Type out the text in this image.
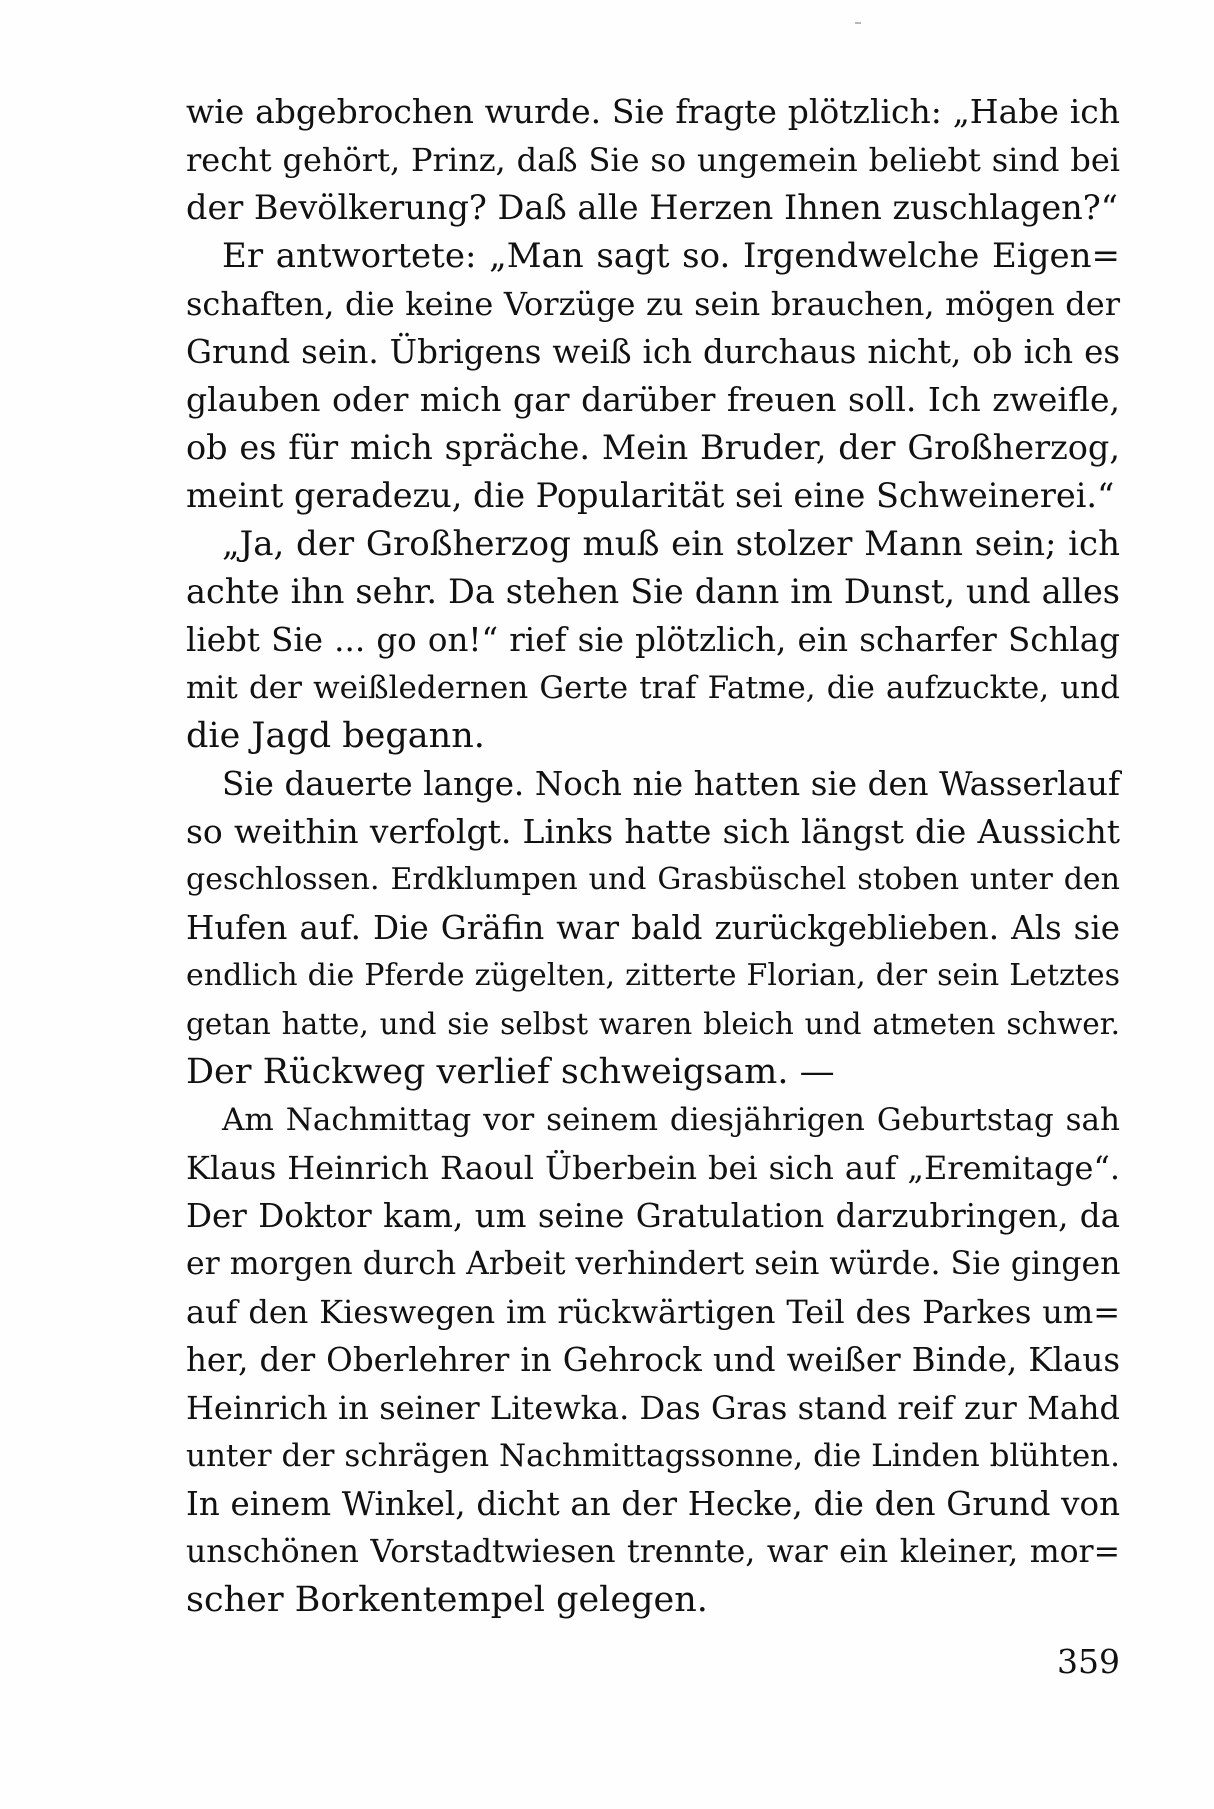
wie abgebrochen wurde. Sie fragte plötzlich: „Habe ich
recht gehört, Prinz, daß Sie so ungemein beliebt sind bei
der Bevölkerung? Daß alle Herzen Ihnen zuschlagen?“
Er antwortete: „Man sagt so. Irgendwelche Eigen=
schaften, die keine Vorzüge zu sein brauchen, mögen der
Grund sein. Übrigens weiß ich durchaus nicht, ob ich es
glauben oder mich gar darüber freuen soll. Ich zweifle,
ob es für mich spräche. Mein Bruder, der Großherzog,
meint geradezu, die Popularität sei eine Schweinerei.“
„Ja, der Großherzog muß ein stolzer Mann sein; ich
achte ihn sehr. Da stehen Sie dann im Dunst, und alles
liebt Sie ... go on!“ rief sie plötzlich, ein scharfer Schlag
mit der weißledernen Gerte traf Fatme, die aufzuckte, und
die Jagd begann.
Sie dauerte lange. Noch nie hatten sie den Wasserlauf
so weithin verfolgt. Links hatte sich längst die Aussicht
geschlossen. Erdklumpen und Grasbüschel stoben unter den
Hufen auf. Die Gräfin war bald zurückgeblieben. Als sie
endlich die Pferde zügelten, zitterte Florian, der sein Letztes
getan hatte, und sie selbst waren bleich und atmeten schwer.
Der Rückweg verlief schweigsam. —
Am Nachmittag vor seinem diesjährigen Geburtstag sah
Klaus Heinrich Raoul Überbein bei sich auf „Eremitage“.
Der Doktor kam, um seine Gratulation darzubringen, da
er morgen durch Arbeit verhindert sein würde. Sie gingen
auf den Kieswegen im rückwärtigen Teil des Parkes um=
her, der Oberlehrer in Gehrock und weißer Binde, Klaus
Heinrich in seiner Litewka. Das Gras stand reif zur Mahd
unter der schrägen Nachmittagssonne, die Linden blühten.
In einem Winkel, dicht an der Hecke, die den Grund von
unschönen Vorstadtwiesen trennte, war ein kleiner, mor=
scher Borkentempel gelegen.
359
